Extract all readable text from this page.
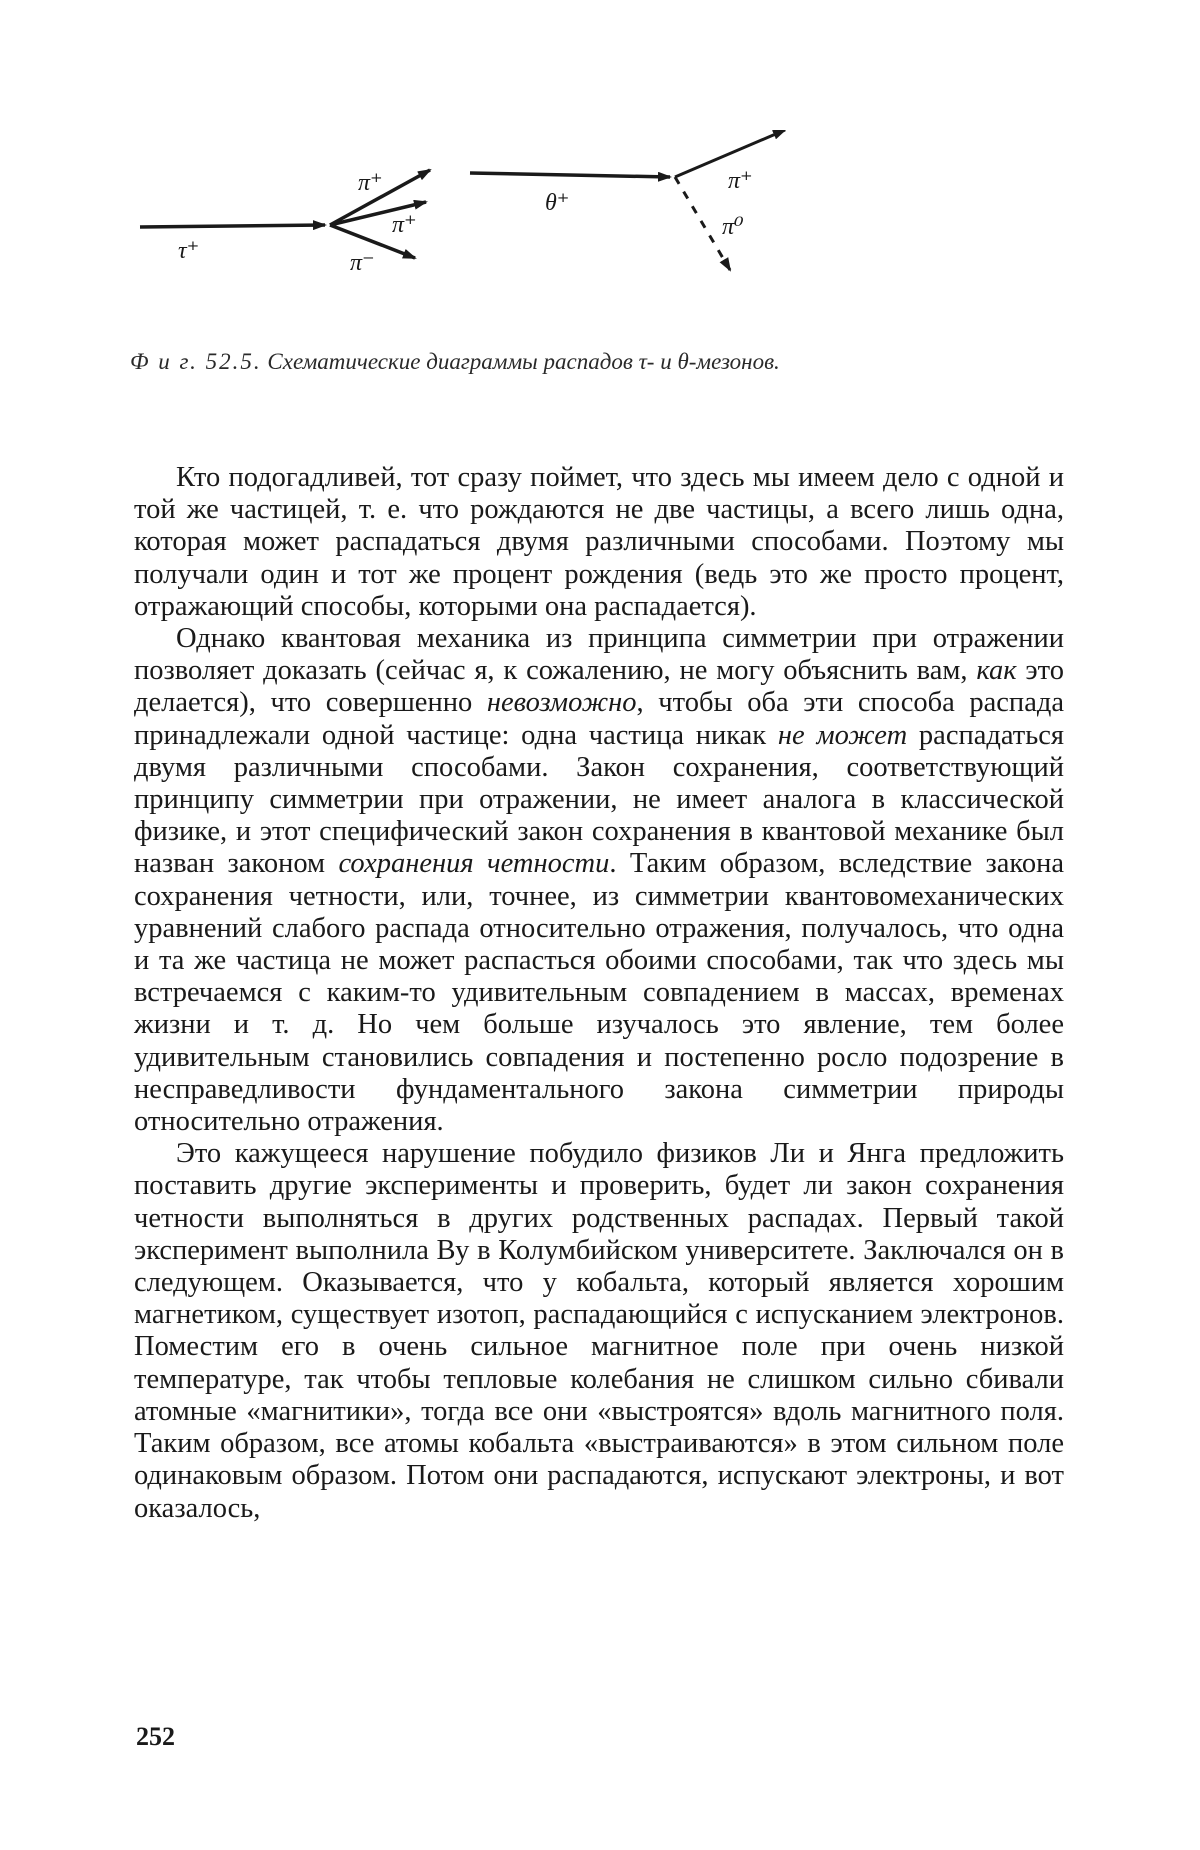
τ⁺
π⁺
π⁺
π⁻
θ⁺
π⁺
π⁰
Ф и г. 52.5. Схематические диаграммы распадов τ- и θ-мезонов.

Кто подогадливей, тот сразу поймет, что здесь мы имеем дело с одной и той же частицей, т. е. что рождаются не две частицы, а всего лишь одна, которая может распадаться двумя различными способами. Поэтому мы получали один и тот же процент рождения (ведь это же просто процент, отражающий способы, которыми она распадается).

Однако квантовая механика из принципа симметрии при отражении позволяет доказать (сейчас я, к сожалению, не могу объяснить вам, как это делается), что совершенно невозможно, чтобы оба эти способа распада принадлежали одной частице: одна частица никак не может распадаться двумя различными способами. Закон сохранения, соответствующий принципу симметрии при отражении, не имеет аналога в классической физике, и этот специфический закон сохранения в квантовой механике был назван законом сохранения четности. Таким образом, вследствие закона сохранения четности, или, точнее, из симметрии квантовомеханических уравнений слабого распада относительно отражения, получалось, что одна и та же частица не может распасться обоими способами, так что здесь мы встречаемся с каким-то удивительным совпадением в массах, временах жизни и т. д. Но чем больше изучалось это явление, тем более удивительным становились совпадения и постепенно росло подозрение в несправедливости фундаментального закона симметрии природы относительно отражения.

Это кажущееся нарушение побудило физиков Ли и Янга предложить поставить другие эксперименты и проверить, будет ли закон сохранения четности выполняться в других родственных распадах. Первый такой эксперимент выполнила Ву в Колумбийском университете. Заключался он в следующем. Оказывается, что у кобальта, который является хорошим магнетиком, существует изотоп, распадающийся с испусканием электронов. Поместим его в очень сильное магнитное поле при очень низкой температуре, так чтобы тепловые колебания не слишком сильно сбивали атомные «магнитики», тогда все они «выстроятся» вдоль магнитного поля. Таким образом, все атомы кобальта «выстраиваются» в этом сильном поле одинаковым образом. Потом они распадаются, испускают электроны, и вот оказалось,

252
